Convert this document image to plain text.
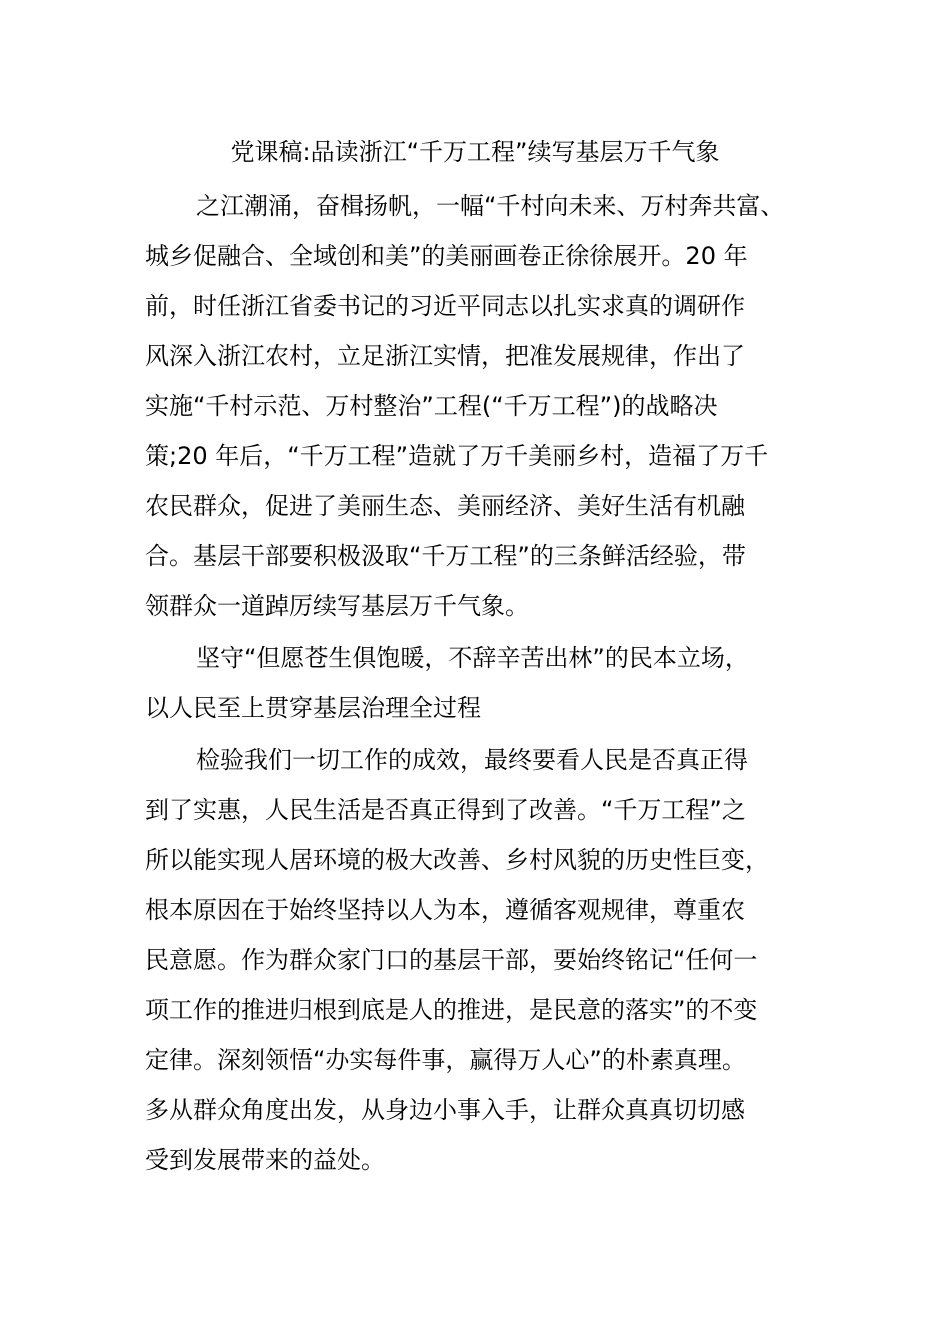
党课稿:品读浙江“千万工程”续写基层万千气象
之江潮涌，奋楫扬帆，一幅“千村向未来、万村奔共富、
城乡促融合、全域创和美”的美丽画卷正徐徐展开。20 年
前，时任浙江省委书记的习近平同志以扎实求真的调研作
风深入浙江农村，立足浙江实情，把准发展规律，作出了
实施“千村示范、万村整治”工程(“千万工程”)的战略决
策;20 年后，“千万工程”造就了万千美丽乡村，造福了万千
农民群众，促进了美丽生态、美丽经济、美好生活有机融
合。基层干部要积极汲取“千万工程”的三条鲜活经验，带
领群众一道踔厉续写基层万千气象。
坚守“但愿苍生俱饱暖，不辞辛苦出林”的民本立场，
以人民至上贯穿基层治理全过程
检验我们一切工作的成效，最终要看人民是否真正得
到了实惠，人民生活是否真正得到了改善。“千万工程”之
所以能实现人居环境的极大改善、乡村风貌的历史性巨变，
根本原因在于始终坚持以人为本，遵循客观规律，尊重农
民意愿。作为群众家门口的基层干部，要始终铭记“任何一
项工作的推进归根到底是人的推进，是民意的落实”的不变
定律。深刻领悟“办实每件事，赢得万人心”的朴素真理。
多从群众角度出发，从身边小事入手，让群众真真切切感
受到发展带来的益处。
